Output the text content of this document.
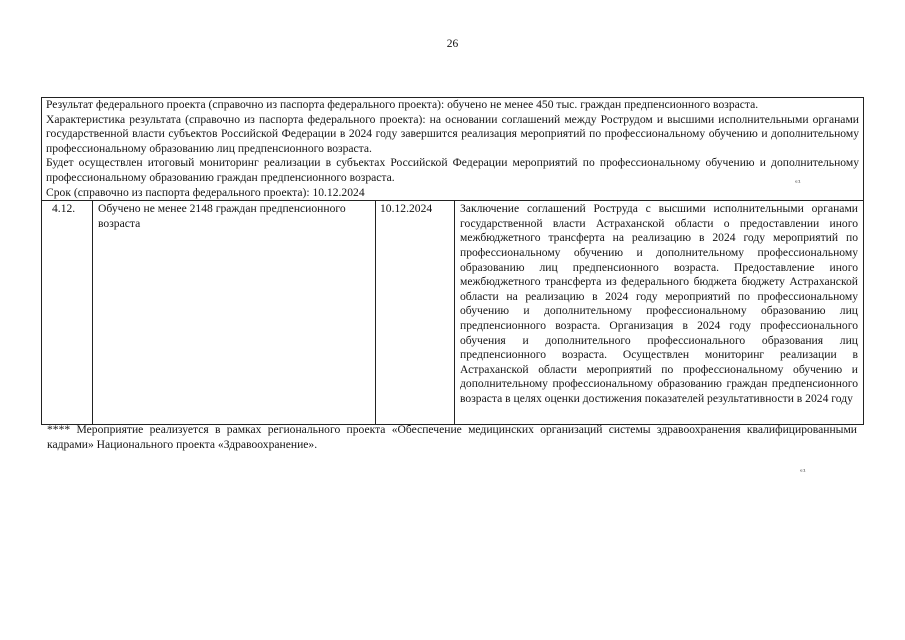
26

Результат федерального проекта (справочно из паспорта федерального проекта): обучено не менее 450 тыс. граждан предпенсионного возраста.

Характеристика результата (справочно из паспорта федерального проекта): на основании соглашений между Рострудом и высшими исполнительными органами государственной власти субъектов Российской Федерации в 2024 году завершится реализация мероприятий по профессиональному обучению и дополнительному профессиональному образованию лиц предпенсионного возраста.

Будет осуществлен итоговый мониторинг реализации в субъектах Российской Федерации мероприятий по профессиональному обучению и дополнительному профессиональному образованию граждан предпенсионного возраста.

Срок (справочно из паспорта федерального проекта): 10.12.2024

4.12.	Обучено не менее 2148 граждан предпенсионного возраста
10.12.2024	Заключение соглашений Роструда с высшими исполнительными органами государственной власти Астраханской области о предоставлении иного межбюджетного трансферта на реализацию в 2024 году мероприятий по профессиональному обучению и дополнительному профессиональному образованию лиц предпенсионного возраста. Предоставление иного межбюджетного трансферта из федерального бюджета бюджету Астраханской области на реализацию в 2024 году мероприятий по профессиональному обучению и дополнительному профессиональному образованию лиц предпенсионного возраста. Организация в 2024 году профессионального обучения и дополнительного профессионального образования лиц предпенсионного возраста. Осуществлен мониторинг реализации в Астраханской области мероприятий по профессиональному обучению и дополнительному профессиональному образованию граждан предпенсионного возраста в целях оценки достижения показателей результативности в 2024 году
**** Мероприятие реализуется в рамках регионального проекта «Обеспечение медицинских организаций системы здравоохранения квалифицированными кадрами» Национального проекта «Здравоохранение».
ᵉ¹
ᵉ¹
